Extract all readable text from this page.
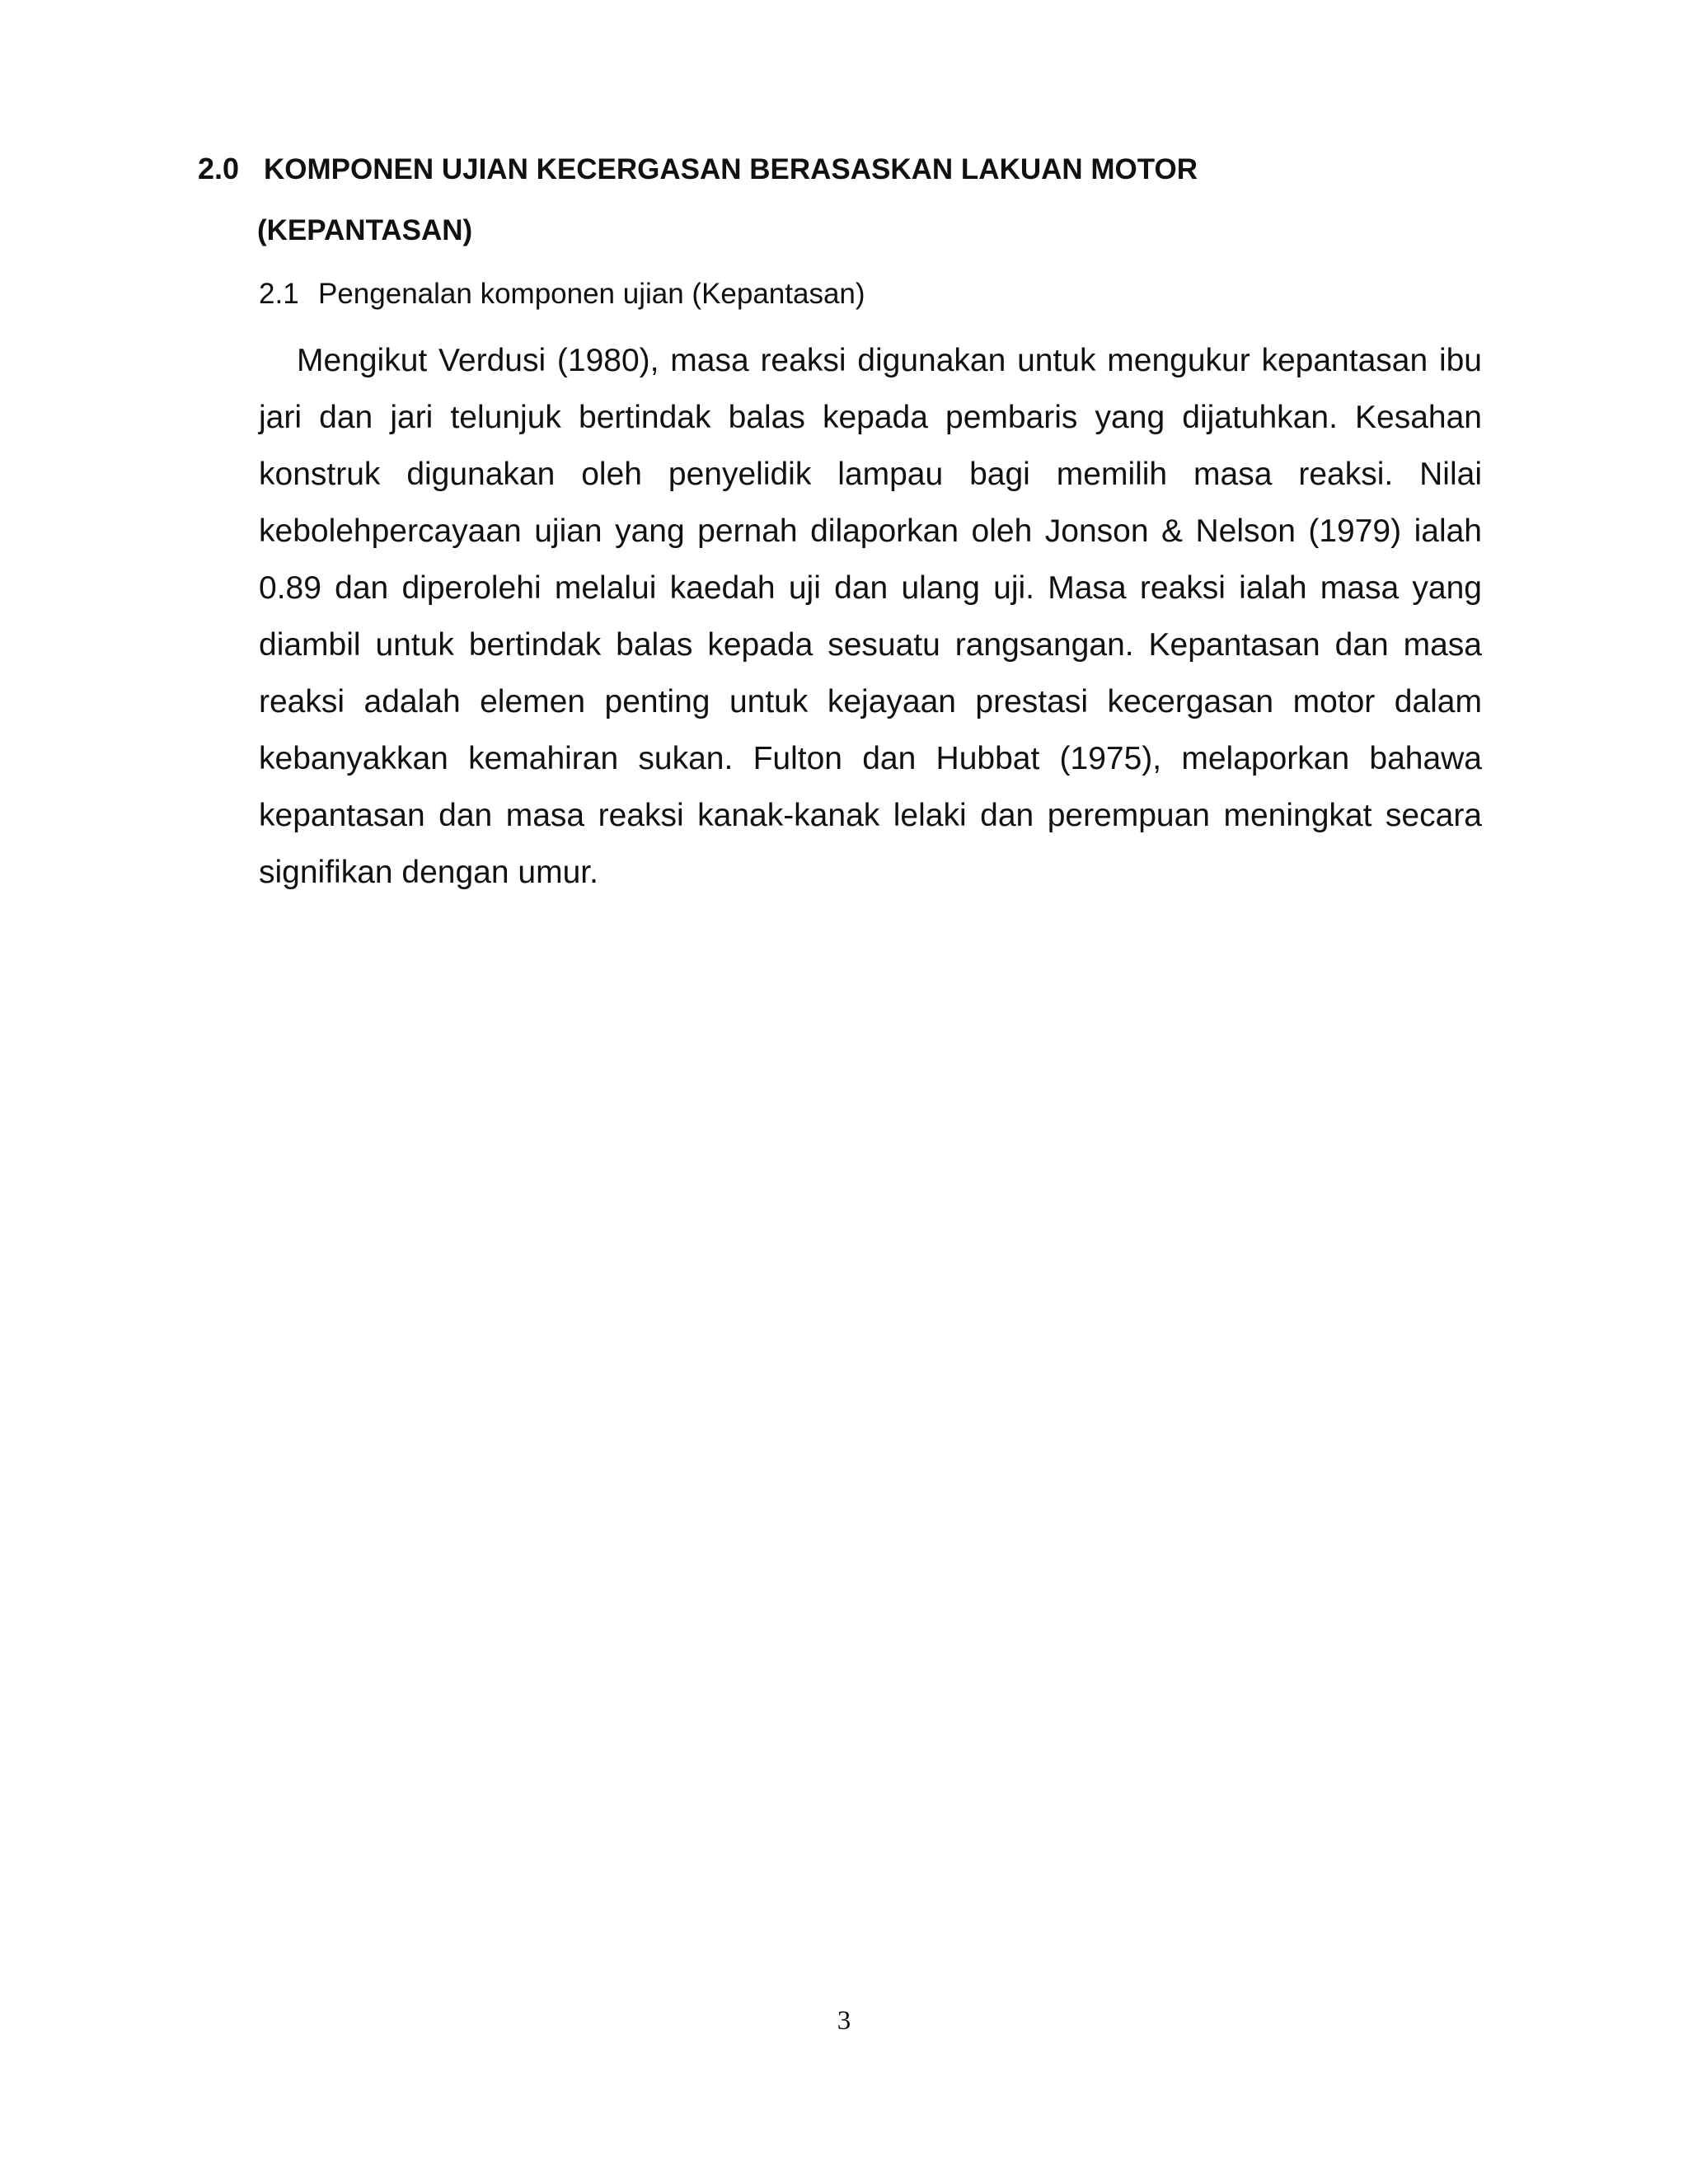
2.0 KOMPONEN UJIAN KECERGASAN BERASASKAN LAKUAN MOTOR
(KEPANTASAN)
2.1 Pengenalan komponen ujian (Kepantasan)

Mengikut Verdusi (1980), masa reaksi digunakan untuk mengukur kepantasan ibu jari dan jari telunjuk bertindak balas kepada pembaris yang dijatuhkan. Kesahan konstruk digunakan oleh penyelidik lampau bagi memilih masa reaksi. Nilai kebolehpercayaan ujian yang pernah dilaporkan oleh Jonson & Nelson (1979) ialah 0.89 dan diperolehi melalui kaedah uji dan ulang uji. Masa reaksi ialah masa yang diambil untuk bertindak balas kepada sesuatu rangsangan. Kepantasan dan masa reaksi adalah elemen penting untuk kejayaan prestasi kecergasan motor dalam kebanyakkan kemahiran sukan. Fulton dan Hubbat (1975), melaporkan bahawa kepantasan dan masa reaksi kanak-kanak lelaki dan perempuan meningkat secara signifikan dengan umur.

3
